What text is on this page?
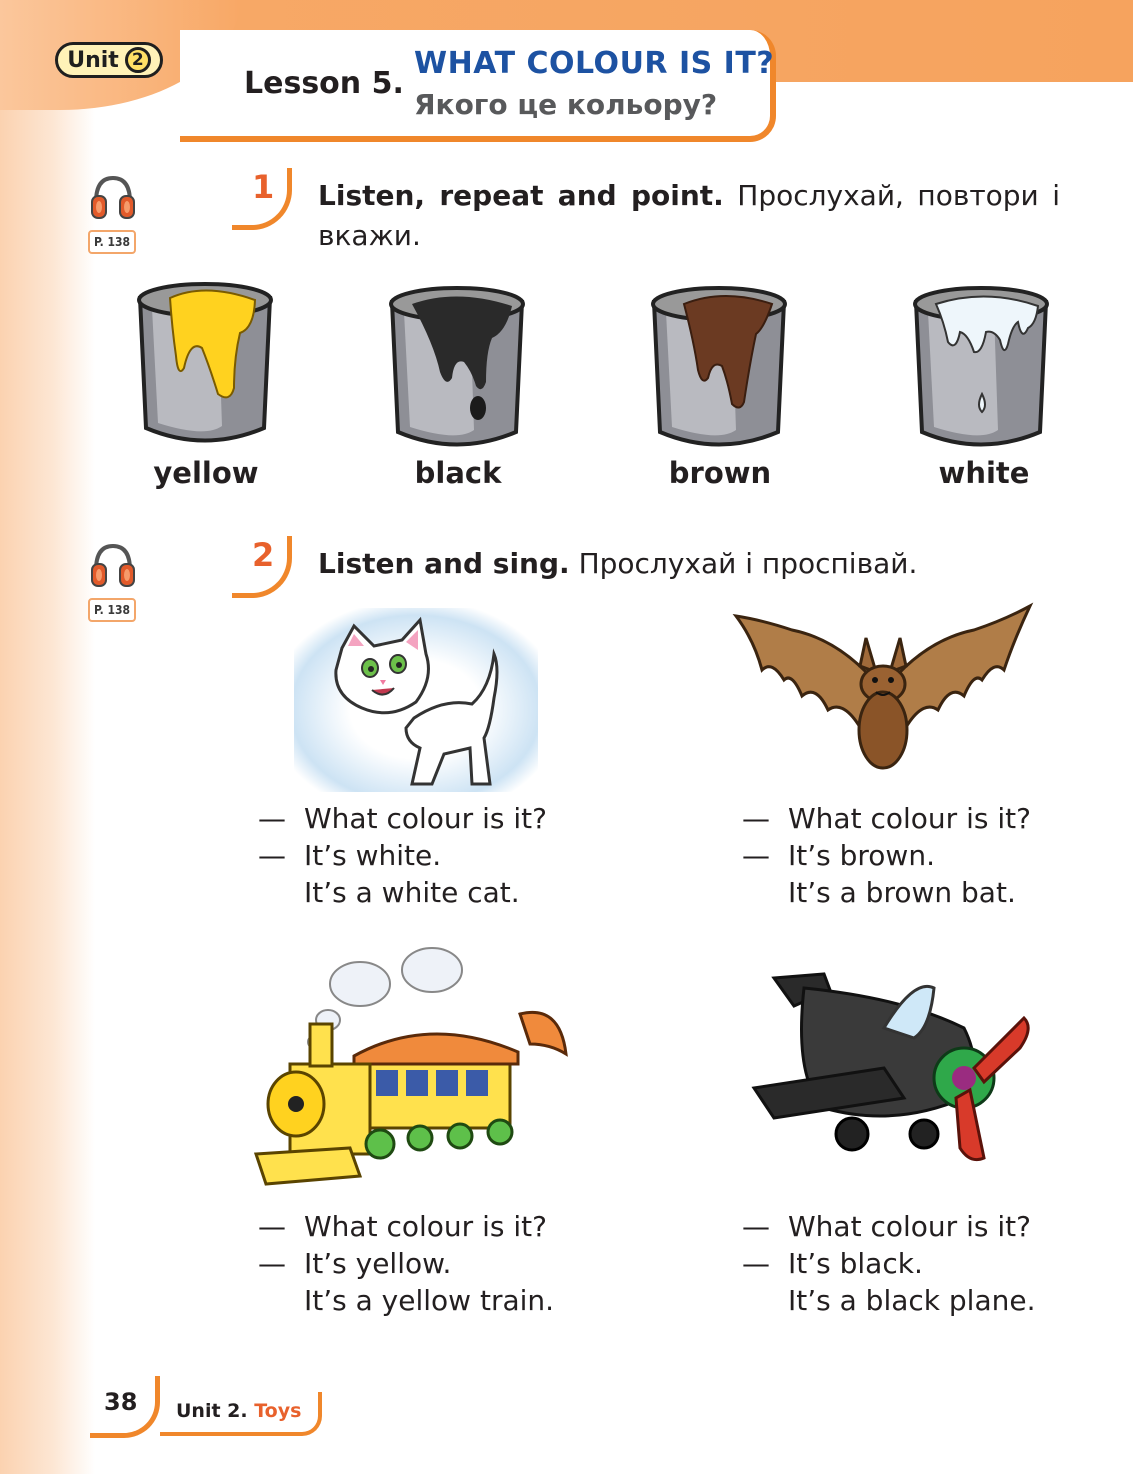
Unit 2
Lesson 5.
WHAT COLOUR IS IT?
Якого це кольору?
P. 138
1 Listen, repeat and point. Прослухай, повтори і вкажи.
yellow	black	brown	white
P. 138
2 Listen and sing. Прослухай і проспівай.
— What colour is it?
— It’s white.
It’s a white cat.
— What colour is it?
— It’s brown.
It’s a brown bat.
— What colour is it?
— It’s yellow.
It’s a yellow train.
— What colour is it?
— It’s black.
It’s a black plane.
38 Unit 2. Toys
